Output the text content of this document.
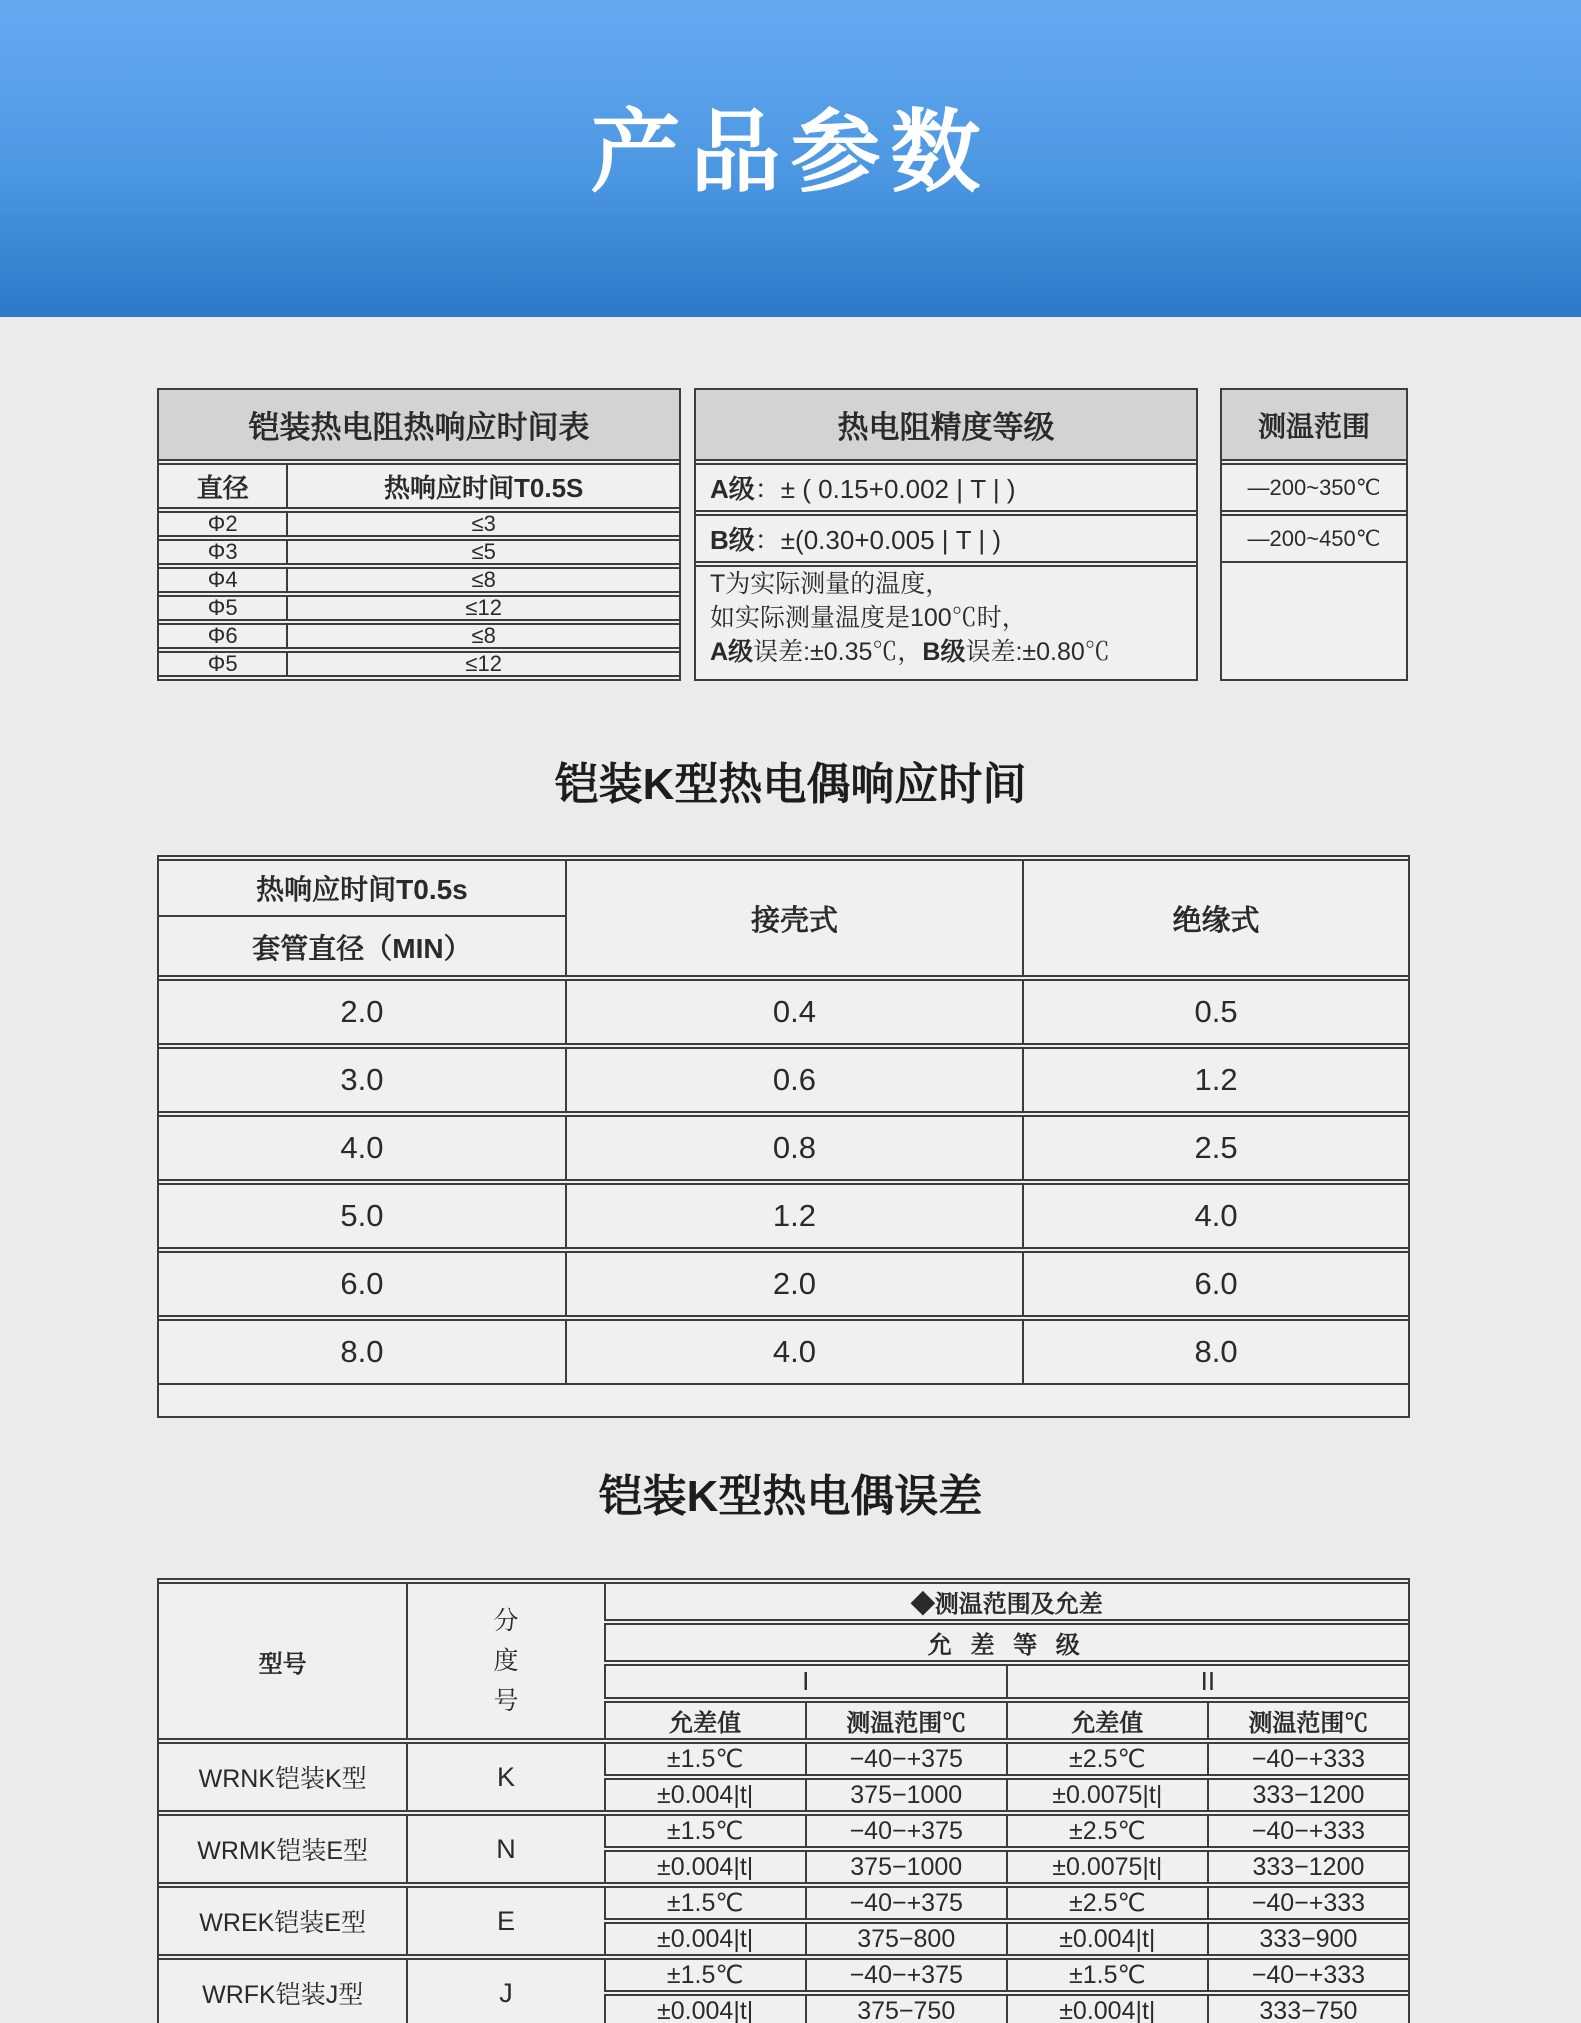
产品参数
铠装热电阻热响应时间表
直径	热响应时间T0.5S
Φ2	≤3
Φ3	≤5
Φ4	≤8
Φ5	≤12
Φ6	≤8
Φ5	≤12
热电阻精度等级
A级：± ( 0.15+0.002 | T | )
B级：±(0.30+0.005 | T | )
T为实际测量的温度，
如实际测量温度是100℃时，
A级误差:±0.35℃，B级误差:±0.80℃
测温范围
—200~350℃
—200~450℃
铠装K型热电偶响应时间
热响应时间T0.5s	接壳式	绝缘式
套管直径（MIN）		
2.0	0.4	0.5
3.0	0.6	1.2
4.0	0.8	2.5
5.0	1.2	4.0
6.0	2.0	6.0
8.0	4.0	8.0
铠装K型热电偶误差
型号	分度号	◆测温范围及允差			
		允 差 等 级			
		I		II	
		允差值	测温范围℃	允差值	测温范围℃
WRNK铠装K型	K	±1.5℃	−40−+375	±2.5℃	−40−+333
		±0.004|t|	375−1000	±0.0075|t|	333−1200
WRMK铠装E型	N	±1.5℃	−40−+375	±2.5℃	−40−+333
		±0.004|t|	375−1000	±0.0075|t|	333−1200
WREK铠装E型	E	±1.5℃	−40−+375	±2.5℃	−40−+333
		±0.004|t|	375−800	±0.004|t|	333−900
WRFK铠装J型	J	±1.5℃	−40−+375	±1.5℃	−40−+333
		±0.004|t|	375−750	±0.004|t|	333−750
